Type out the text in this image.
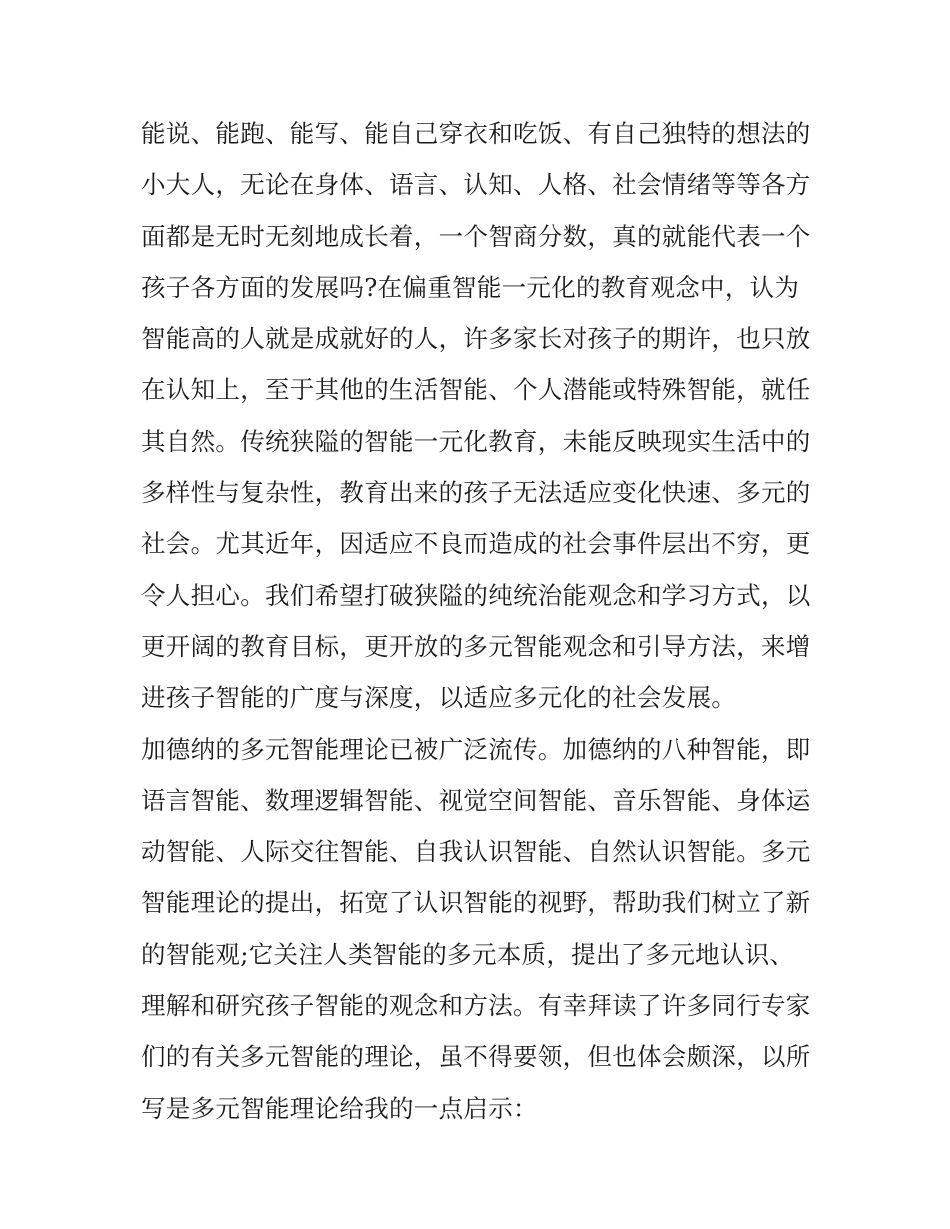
能说、能跑、能写、能自己穿衣和吃饭、有自己独特的想法的
小大人，无论在身体、语言、认知、人格、社会情绪等等各方
面都是无时无刻地成长着，一个智商分数，真的就能代表一个
孩子各方面的发展吗?在偏重智能一元化的教育观念中，认为
智能高的人就是成就好的人，许多家长对孩子的期许，也只放
在认知上，至于其他的生活智能、个人潜能或特殊智能，就任
其自然。传统狭隘的智能一元化教育，未能反映现实生活中的
多样性与复杂性，教育出来的孩子无法适应变化快速、多元的
社会。尤其近年，因适应不良而造成的社会事件层出不穷，更
令人担心。我们希望打破狭隘的纯统治能观念和学习方式，以
更开阔的教育目标，更开放的多元智能观念和引导方法，来增
进孩子智能的广度与深度，以适应多元化的社会发展。
加德纳的多元智能理论已被广泛流传。加德纳的八种智能，即
语言智能、数理逻辑智能、视觉空间智能、音乐智能、身体运
动智能、人际交往智能、自我认识智能、自然认识智能。多元
智能理论的提出，拓宽了认识智能的视野，帮助我们树立了新
的智能观;它关注人类智能的多元本质，提出了多元地认识、
理解和研究孩子智能的观念和方法。有幸拜读了许多同行专家
们的有关多元智能的理论，虽不得要领，但也体会颇深，以所
写是多元智能理论给我的一点启示：
